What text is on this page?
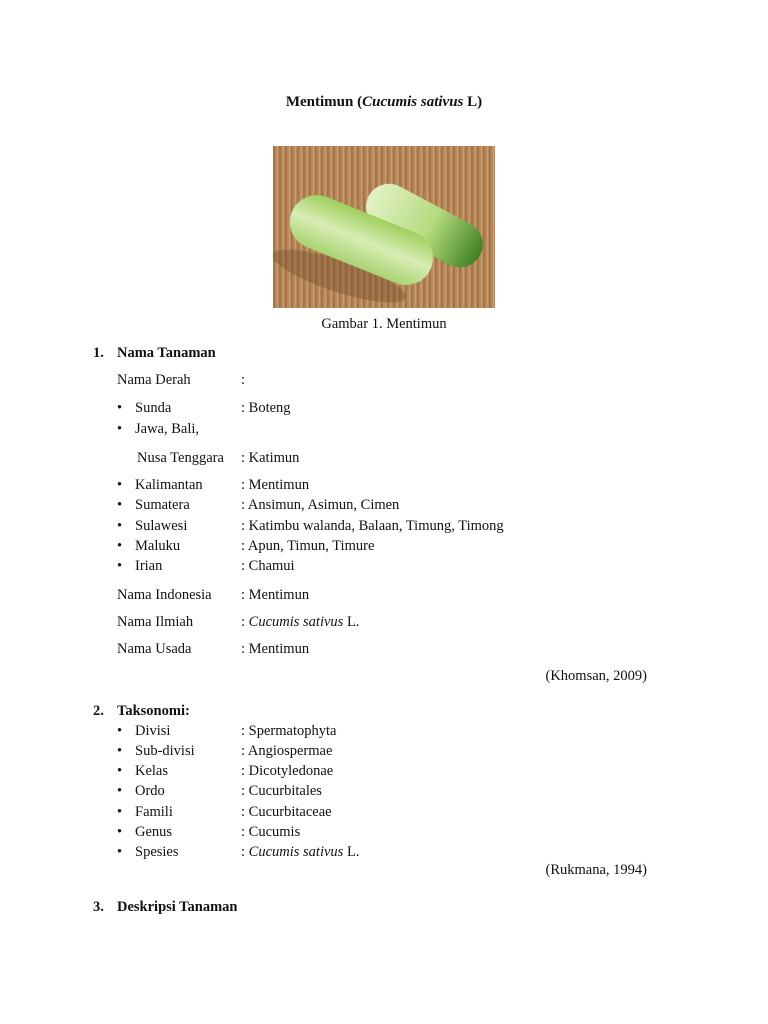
Mentimun (Cucumis sativus L)
Gambar 1. Mentimun
1. Nama Tanaman
Nama Derah	:
• Sunda	: Boteng
• Jawa, Bali,
Nusa Tenggara : Katimun
• Kalimantan	: Mentimun
• Sumatera	: Ansimun, Asimun, Cimen
• Sulawesi	: Katimbu walanda, Balaan, Timung, Timong
• Maluku	: Apun, Timun, Timure
• Irian	: Chamui
Nama Indonesia : Mentimun
Nama Ilmiah	: Cucumis sativus L.
Nama Usada	: Mentimun
(Khomsan, 2009)
2. Taksonomi:
• Divisi	: Spermatophyta
• Sub-divisi	: Angiospermae
• Kelas	: Dicotyledonae
• Ordo	: Cucurbitales
• Famili	: Cucurbitaceae
• Genus	: Cucumis
• Spesies	: Cucumis sativus L.
(Rukmana, 1994)
3. Deskripsi Tanaman
